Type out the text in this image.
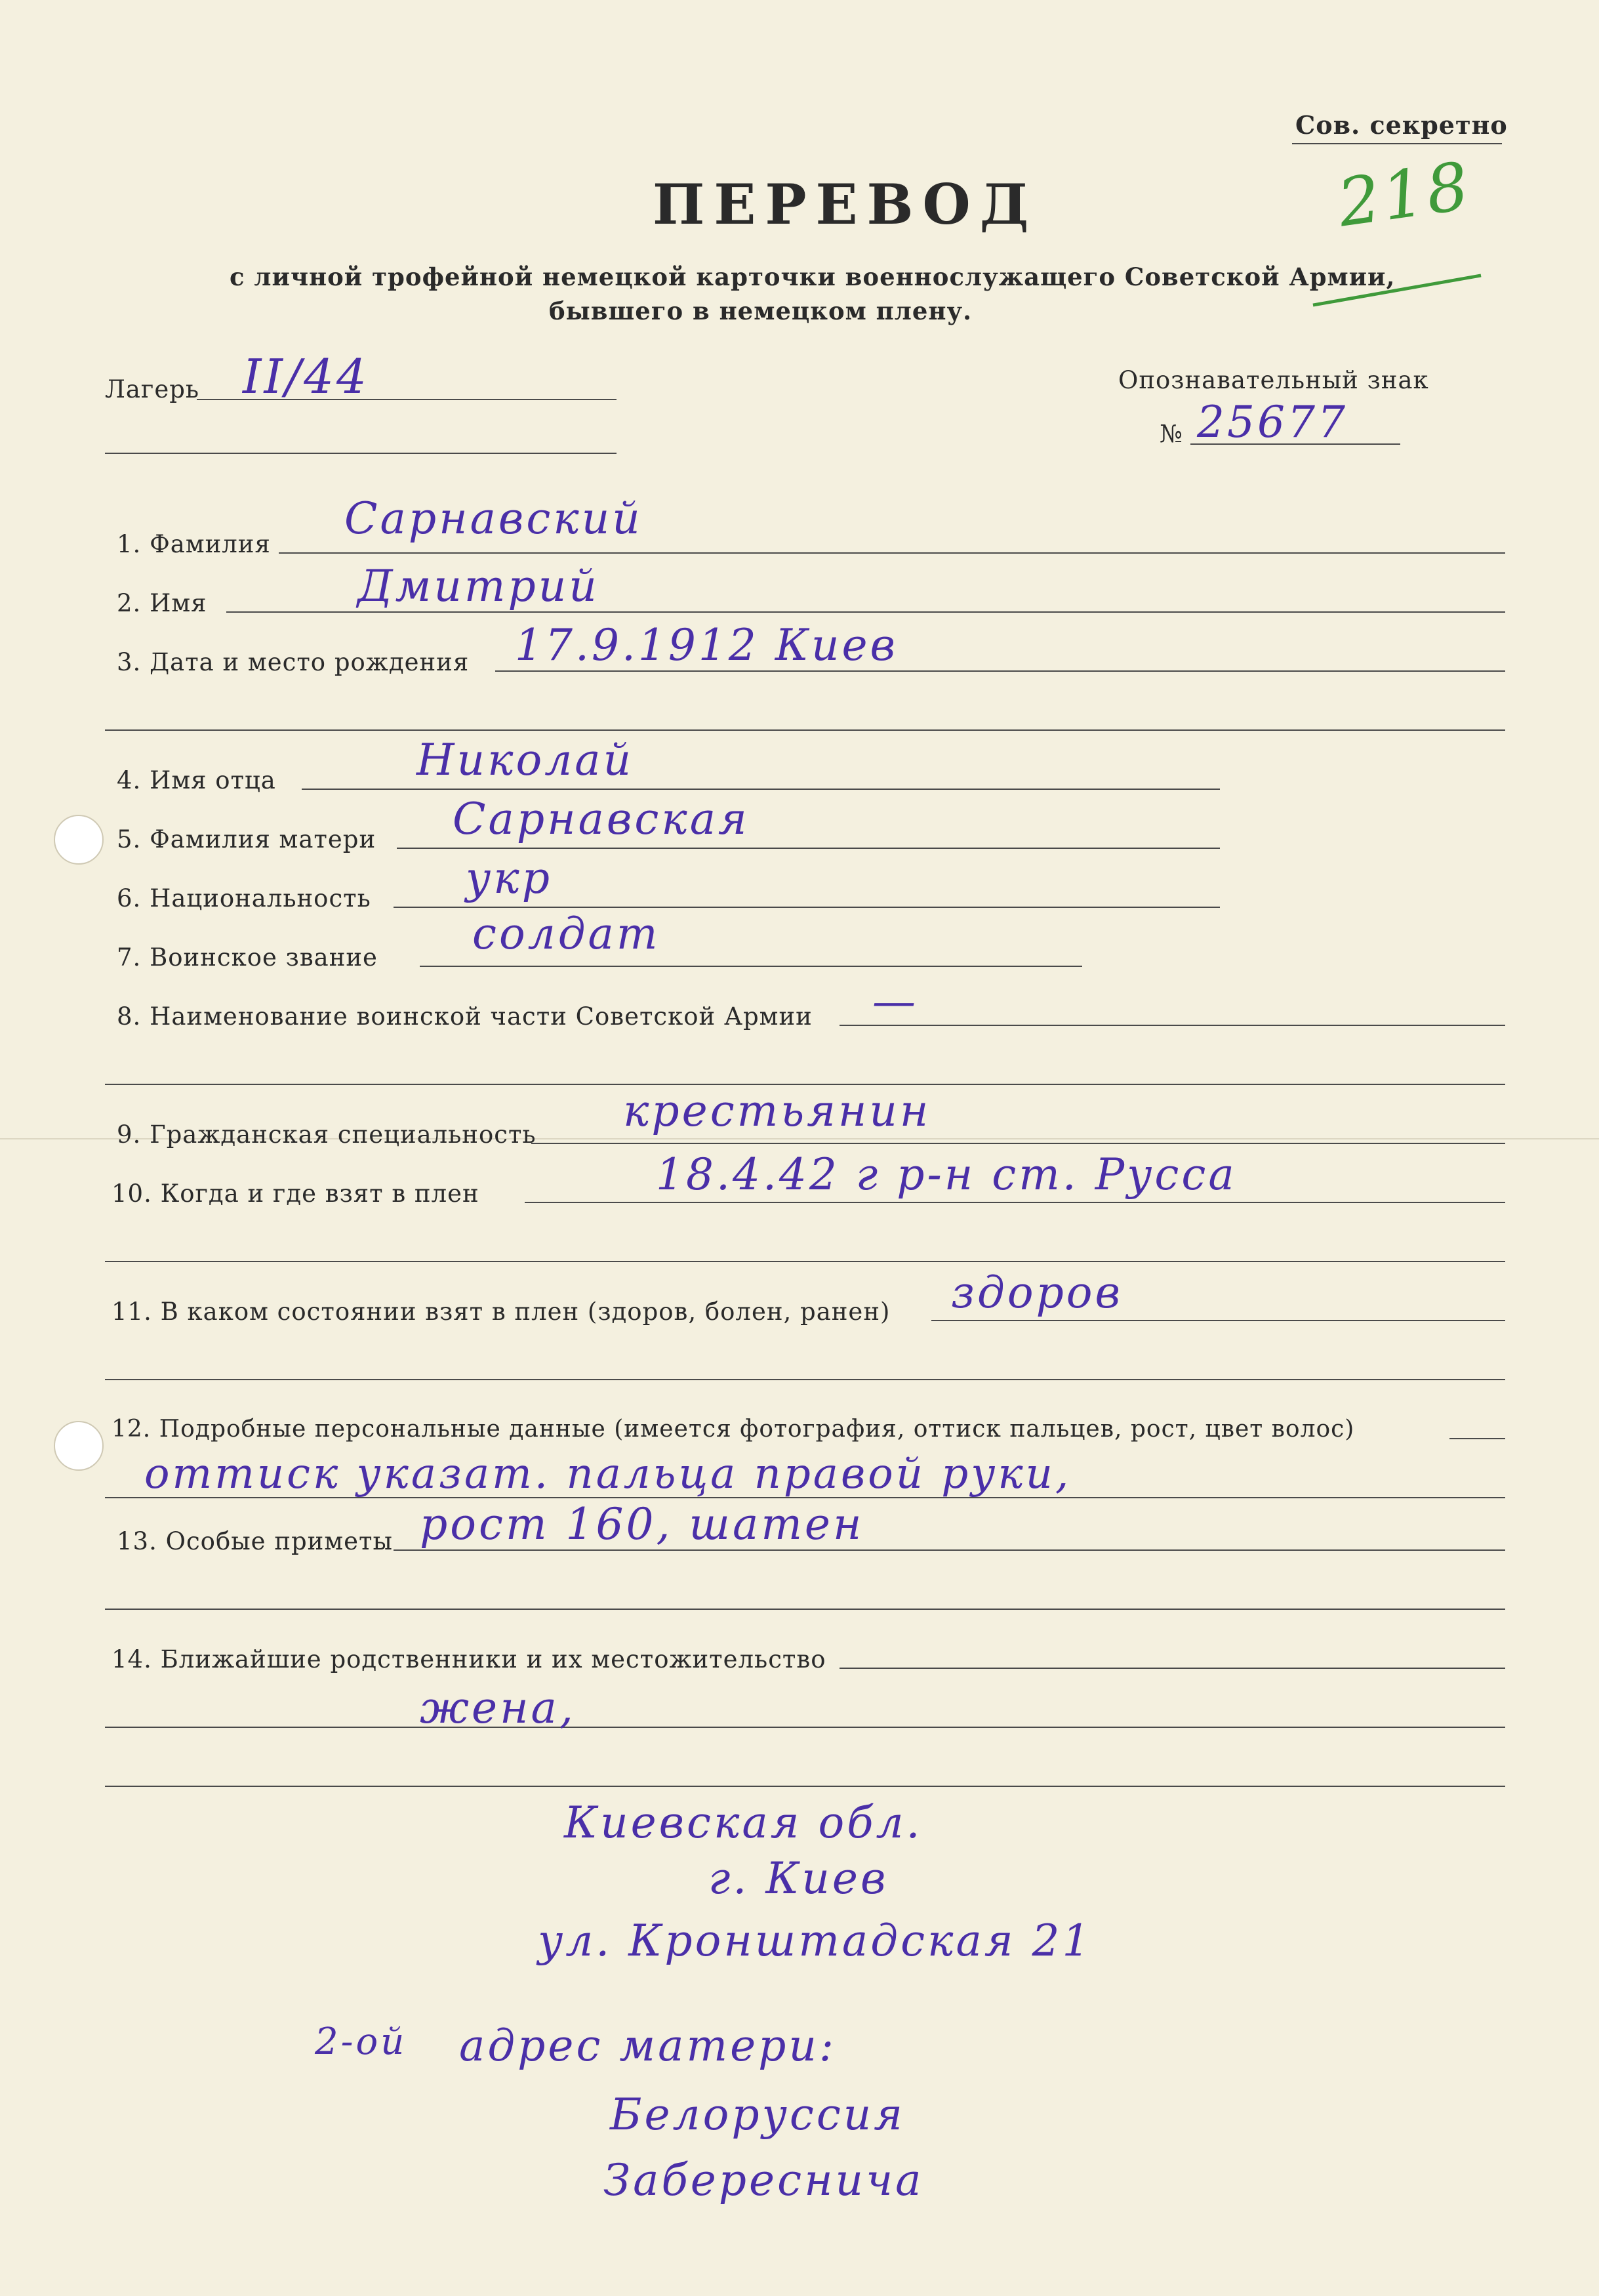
Сов. секретно
218
ПЕРЕВОД
с личной трофейной немецкой карточки военнослужащего Советской Армии,
бывшего в немецком плену.
Лагерь II/44	Опознавательный знак
№ 25677
1. Фамилия
Сарнавский
2. Имя	Дмитрий
3. Дата и место рождения 17.9.1912 Киев
4. Имя отца	Николай
5. Фамилия матери Сарнавская
6. Национальность укр
7. Воинское звание солдат
8. Наименование воинской части Советской Армии —
9. Гражданская специальность крестьянин
10. Когда и где взят в плен	18.4.42 г р-н ст. Русса
11. В каком состоянии взят в плен (здоров, болен, ранен) здоров
12. Подробные персональные данные (имеется фотография, оттиск пальцев, рост, цвет волос)
оттиск указат. пальца правой руки,
13. Особые приметы рост 160, шатен
14. Ближайшие родственники и их местожительство
жена,
Киевская обл.
г. Киев
ул. Кронштадская 21
2-ой адрес матери:
Белоруссия
Забереснича
